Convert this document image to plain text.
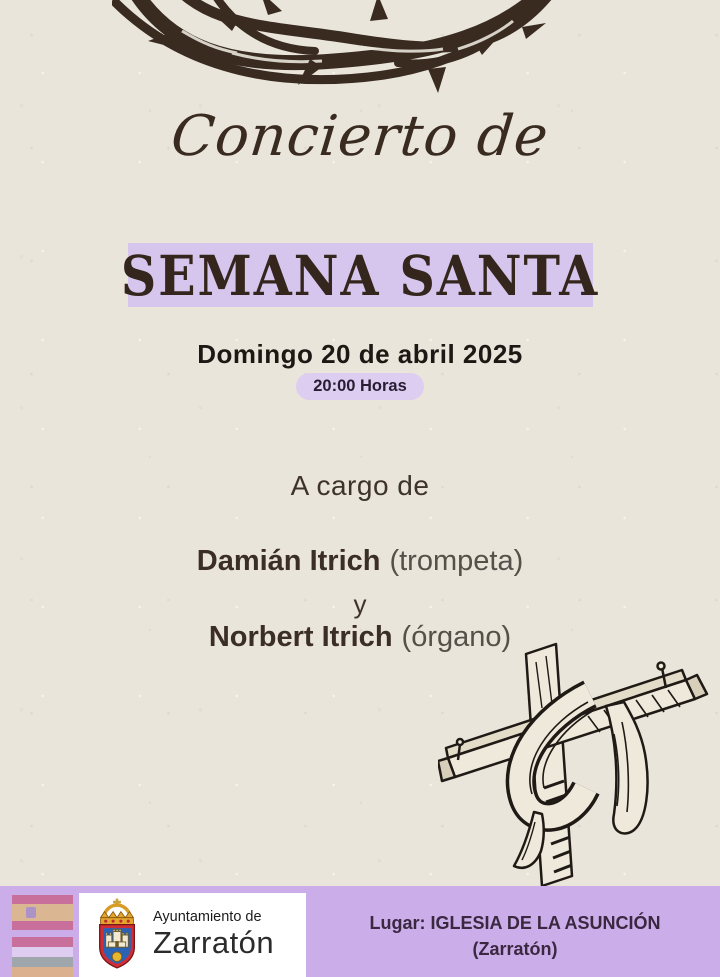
Concierto de
SEMANA SANTA
Domingo 20 de abril 2025
20:00 Horas
A cargo de
Damián Itrich (trompeta)
y
Norbert Itrich (órgano)
Ayuntamiento de
Zarratón
Lugar: IGLESIA DE LA ASUNCIÓN
(Zarratón)
